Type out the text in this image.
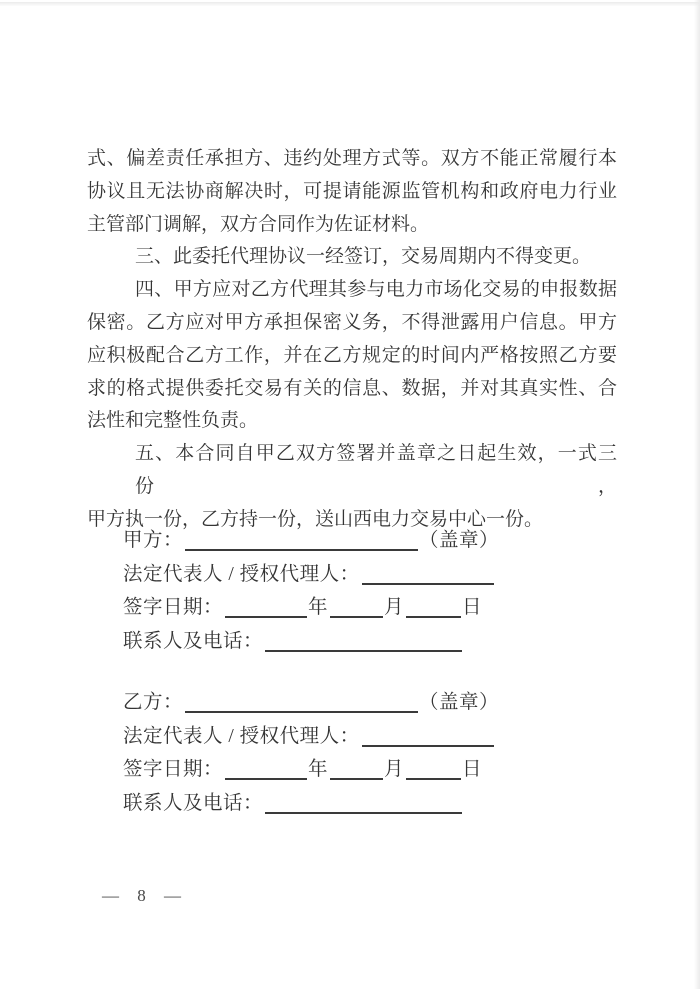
式、偏差责任承担方、违约处理方式等。双方不能正常履行本
协议且无法协商解决时，可提请能源监管机构和政府电力行业
主管部门调解，双方合同作为佐证材料。
三、此委托代理协议一经签订，交易周期内不得变更。
四、甲方应对乙方代理其参与电力市场化交易的申报数据
保密。乙方应对甲方承担保密义务，不得泄露用户信息。甲方
应积极配合乙方工作，并在乙方规定的时间内严格按照乙方要
求的格式提供委托交易有关的信息、数据，并对其真实性、合
法性和完整性负责。
五、本合同自甲乙双方签署并盖章之日起生效，一式三份，
甲方执一份，乙方持一份，送山西电力交易中心一份。
甲方：	（盖章）
法定代表人 / 授权代理人：
签字日期：	年	月	日
联系人及电话：
乙方：	（盖章）
法定代表人 / 授权代理人：
签字日期：	年	月	日
联系人及电话：
— 8 —
